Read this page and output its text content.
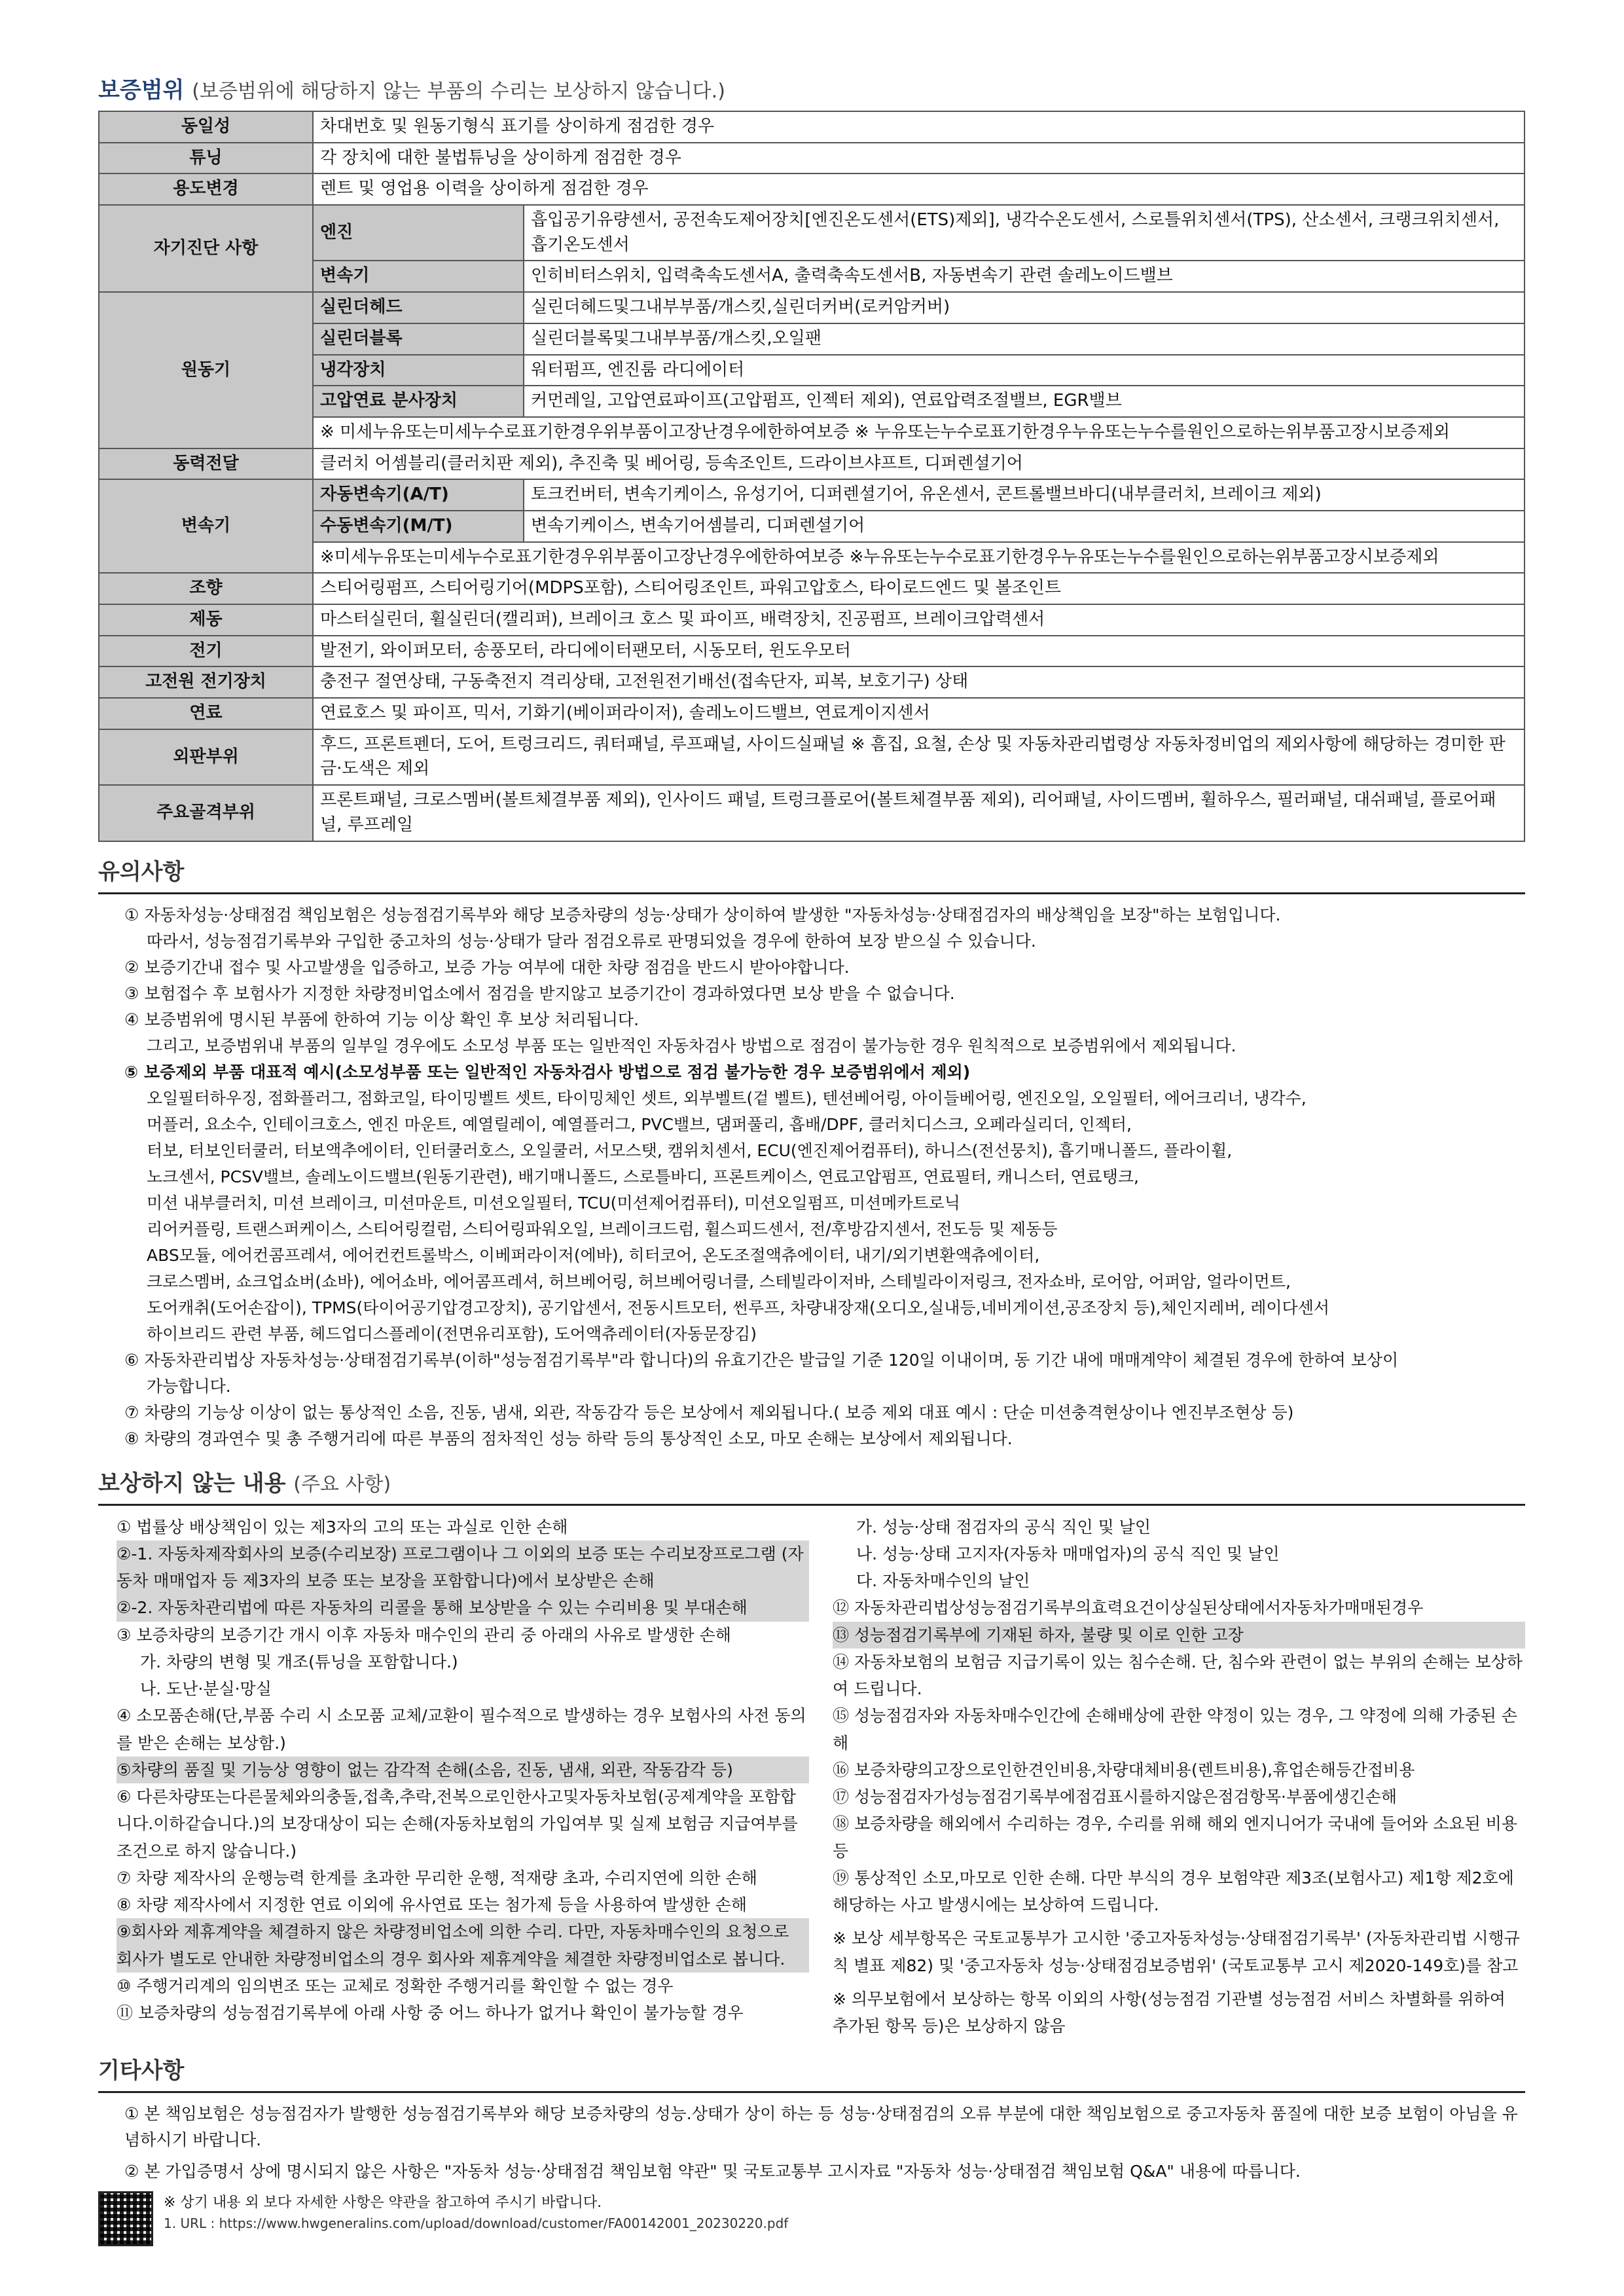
보증범위 (보증범위에 해당하지 않는 부품의 수리는 보상하지 않습니다.)
동일성	차대번호 및 원동기형식 표기를 상이하게 점검한 경우	
튜닝	각 장치에 대한 불법튜닝을 상이하게 점검한 경우	
용도변경	렌트 및 영업용 이력을 상이하게 점검한 경우	
자기진단 사항	엔진	흡입공기유량센서, 공전속도제어장치[엔진온도센서(ETS)제외], 냉각수온도센서, 스로틀위치센서(TPS), 산소센서, 크랭크위치센서, 흡기온도센서
	변속기	인히비터스위치, 입력축속도센서A, 출력축속도센서B, 자동변속기 관련 솔레노이드밸브
원동기	실린더헤드	실린더헤드및그내부부품/개스킷,실린더커버(로커암커버)
	실린더블록	실린더블록및그내부부품/개스킷,오일팬
	냉각장치	워터펌프, 엔진룸 라디에이터
	고압연료 분사장치	커먼레일, 고압연료파이프(고압펌프, 인젝터 제외), 연료압력조절밸브, EGR밸브
	※ 미세누유또는미세누수로표기한경우위부품이고장난경우에한하여보증 ※ 누유또는누수로표기한경우누유또는누수를원인으로하는위부품고장시보증제외	
동력전달	클러치 어셈블리(클러치판 제외), 추진축 및 베어링, 등속조인트, 드라이브샤프트, 디퍼렌셜기어	
변속기	자동변속기(A/T)	토크컨버터, 변속기케이스, 유성기어, 디퍼렌셜기어, 유온센서, 콘트롤밸브바디(내부클러치, 브레이크 제외)
	수동변속기(M/T)	변속기케이스, 변속기어셈블리, 디퍼렌셜기어
	※미세누유또는미세누수로표기한경우위부품이고장난경우에한하여보증 ※누유또는누수로표기한경우누유또는누수를원인으로하는위부품고장시보증제외	
조향	스티어링펌프, 스티어링기어(MDPS포함), 스티어링조인트, 파워고압호스, 타이로드엔드 및 볼조인트	
제동	마스터실린더, 휠실린더(캘리퍼), 브레이크 호스 및 파이프, 배력장치, 진공펌프, 브레이크압력센서	
전기	발전기, 와이퍼모터, 송풍모터, 라디에이터팬모터, 시동모터, 윈도우모터	
고전원 전기장치	충전구 절연상태, 구동축전지 격리상태, 고전원전기배선(접속단자, 피복, 보호기구) 상태	
연료	연료호스 및 파이프, 믹서, 기화기(베이퍼라이저), 솔레노이드밸브, 연료게이지센서	
외판부위	후드, 프론트펜더, 도어, 트렁크리드, 쿼터패널, 루프패널, 사이드실패널 ※ 흠집, 요철, 손상 및 자동차관리법령상 자동차정비업의 제외사항에 해당하는 경미한 판금·도색은 제외	
주요골격부위	프론트패널, 크로스멤버(볼트체결부품 제외), 인사이드 패널, 트렁크플로어(볼트체결부품 제외), 리어패널, 사이드멤버, 휠하우스, 필러패널, 대쉬패널, 플로어패널, 루프레일	
유의사항

① 자동차성능·상태점검 책임보험은 성능점검기록부와 해당 보증차량의 성능·상태가 상이하여 발생한 "자동차성능·상태점검자의 배상책임을 보장"하는 보험입니다.

따라서, 성능점검기록부와 구입한 중고차의 성능·상태가 달라 점검오류로 판명되었을 경우에 한하여 보장 받으실 수 있습니다.

② 보증기간내 접수 및 사고발생을 입증하고, 보증 가능 여부에 대한 차량 점검을 반드시 받아야합니다.

③ 보험접수 후 보험사가 지정한 차량정비업소에서 점검을 받지않고 보증기간이 경과하였다면 보상 받을 수 없습니다.

④ 보증범위에 명시된 부품에 한하여 기능 이상 확인 후 보상 처리됩니다.

그리고, 보증범위내 부품의 일부일 경우에도 소모성 부품 또는 일반적인 자동차검사 방법으로 점검이 불가능한 경우 원칙적으로 보증범위에서 제외됩니다.

⑤ 보증제외 부품 대표적 예시(소모성부품 또는 일반적인 자동차검사 방법으로 점검 불가능한 경우 보증범위에서 제외)

오일필터하우징, 점화플러그, 점화코일, 타이밍벨트 셋트, 타이밍체인 셋트, 외부벨트(겉 벨트), 텐션베어링, 아이들베어링, 엔진오일, 오일필터, 에어크리너, 냉각수,

머플러, 요소수, 인테이크호스, 엔진 마운트, 예열릴레이, 예열플러그, PVC밸브, 댐퍼풀리, 흡배/DPF, 클러치디스크, 오페라실리더, 인젝터,

터보, 터보인터쿨러, 터보액추에이터, 인터쿨러호스, 오일쿨러, 서모스탯, 캠위치센서, ECU(엔진제어컴퓨터), 하니스(전선뭉치), 흡기매니폴드, 플라이휠,

노크센서, PCSV밸브, 솔레노이드밸브(원동기관련), 배기매니폴드, 스로틀바디, 프론트케이스, 연료고압펌프, 연료필터, 캐니스터, 연료탱크,

미션 내부클러치, 미션 브레이크, 미션마운트, 미션오일필터, TCU(미션제어컴퓨터), 미션오일펌프, 미션메카트로닉

리어커플링, 트랜스퍼케이스, 스티어링컬럼, 스티어링파워오일, 브레이크드럼, 휠스피드센서, 전/후방감지센서, 전도등 및 제동등

ABS모듈, 에어컨콤프레셔, 에어컨컨트롤박스, 이베퍼라이저(에바), 히터코어, 온도조절액츄에이터, 내기/외기변환액츄에이터,

크로스멤버, 쇼크업쇼버(쇼바), 에어쇼바, 에어콤프레셔, 허브베어링, 허브베어링너클, 스테빌라이저바, 스테빌라이저링크, 전자쇼바, 로어암, 어퍼암, 얼라이먼트,

도어캐취(도어손잡이), TPMS(타이어공기압경고장치), 공기압센서, 전동시트모터, 썬루프, 차량내장재(오디오,실내등,네비게이션,공조장치 등),체인지레버, 레이다센서

하이브리드 관련 부품, 헤드업디스플레이(전면유리포함), 도어액츄레이터(자동문장김)

⑥ 자동차관리법상 자동차성능·상태점검기록부(이하"성능점검기록부"라 합니다)의 유효기간은 발급일 기준 120일 이내이며, 동 기간 내에 매매계약이 체결된 경우에 한하여 보상이

가능합니다.

⑦ 차량의 기능상 이상이 없는 통상적인 소음, 진동, 냄새, 외관, 작동감각 등은 보상에서 제외됩니다.( 보증 제외 대표 예시 : 단순 미션충격현상이나 엔진부조현상 등)

⑧ 차량의 경과연수 및 총 주행거리에 따른 부품의 점차적인 성능 하락 등의 통상적인 소모, 마모 손해는 보상에서 제외됩니다.

보상하지 않는 내용 (주요 사항)

① 법률상 배상책임이 있는 제3자의 고의 또는 과실로 인한 손해

②-1. 자동차제작회사의 보증(수리보장) 프로그램이나 그 이외의 보증 또는 수리보장프로그램 (자동차 매매업자 등 제3자의 보증 또는 보장을 포함합니다)에서 보상받은 손해

②-2. 자동차관리법에 따른 자동차의 리콜을 통해 보상받을 수 있는 수리비용 및 부대손해

③ 보증차량의 보증기간 개시 이후 자동차 매수인의 관리 중 아래의 사유로 발생한 손해

가. 차량의 변형 및 개조(튜닝을 포함합니다.)

나. 도난·분실·망실

④ 소모품손해(단,부품 수리 시 소모품 교체/교환이 필수적으로 발생하는 경우 보험사의 사전 동의를 받은 손해는 보상함.)

⑤차량의 품질 및 기능상 영향이 없는 감각적 손해(소음, 진동, 냄새, 외관, 작동감각 등)

⑥ 다른차량또는다른물체와의충돌,접촉,추락,전복으로인한사고및자동차보험(공제계약을 포함합니다.이하같습니다.)의 보장대상이 되는 손해(자동차보험의 가입여부 및 실제 보험금 지급여부를 조건으로 하지 않습니다.)

⑦ 차량 제작사의 운행능력 한계를 초과한 무리한 운행, 적재량 초과, 수리지연에 의한 손해

⑧ 차량 제작사에서 지정한 연료 이외에 유사연료 또는 첨가제 등을 사용하여 발생한 손해

⑨회사와 제휴계약을 체결하지 않은 차량정비업소에 의한 수리. 다만, 자동차매수인의 요청으로 회사가 별도로 안내한 차량정비업소의 경우 회사와 제휴계약을 체결한 차량정비업소로 봅니다.

⑩ 주행거리계의 임의변조 또는 교체로 정확한 주행거리를 확인할 수 없는 경우

⑪ 보증차량의 성능점검기록부에 아래 사항 중 어느 하나가 없거나 확인이 불가능할 경우

가. 성능·상태 점검자의 공식 직인 및 날인

나. 성능·상태 고지자(자동차 매매업자)의 공식 직인 및 날인

다. 자동차매수인의 날인

⑫ 자동차관리법상성능점검기록부의효력요건이상실된상태에서자동차가매매된경우

⑬ 성능점검기록부에 기재된 하자, 불량 및 이로 인한 고장

⑭ 자동차보험의 보험금 지급기록이 있는 침수손해. 단, 침수와 관련이 없는 부위의 손해는 보상하여 드립니다.

⑮ 성능점검자와 자동차매수인간에 손해배상에 관한 약정이 있는 경우, 그 약정에 의해 가중된 손해

⑯ 보증차량의고장으로인한견인비용,차량대체비용(렌트비용),휴업손해등간접비용

⑰ 성능점검자가성능점검기록부에점검표시를하지않은점검항목·부품에생긴손해

⑱ 보증차량을 해외에서 수리하는 경우, 수리를 위해 해외 엔지니어가 국내에 들어와 소요된 비용 등

⑲ 통상적인 소모,마모로 인한 손해. 다만 부식의 경우 보험약관 제3조(보험사고) 제1항 제2호에 해당하는 사고 발생시에는 보상하여 드립니다.

※ 보상 세부항목은 국토교통부가 고시한 '중고자동차성능·상태점검기록부' (자동차관리법 시행규칙 별표 제82) 및 '중고자동차 성능·상태점검보증범위' (국토교통부 고시 제2020-149호)를 참고

※ 의무보험에서 보상하는 항목 이외의 사항(성능점검 기관별 성능점검 서비스 차별화를 위하여 추가된 항목 등)은 보상하지 않음

기타사항

① 본 책임보험은 성능점검자가 발행한 성능점검기록부와 해당 보증차량의 성능.상태가 상이 하는 등 성능·상태점검의 오류 부분에 대한 책임보험으로 중고자동차 품질에 대한 보증 보험이 아님을 유념하시기 바랍니다.

② 본 가입증명서 상에 명시되지 않은 사항은 "자동차 성능·상태점검 책임보험 약관" 및 국토교통부 고시자료 "자동차 성능·상태점검 책임보험 Q&A" 내용에 따릅니다.

※ 상기 내용 외 보다 자세한 사항은 약관을 참고하여 주시기 바랍니다.

1. URL : https://www.hwgeneralins.com/upload/download/customer/FA00142001_20230220.pdf
